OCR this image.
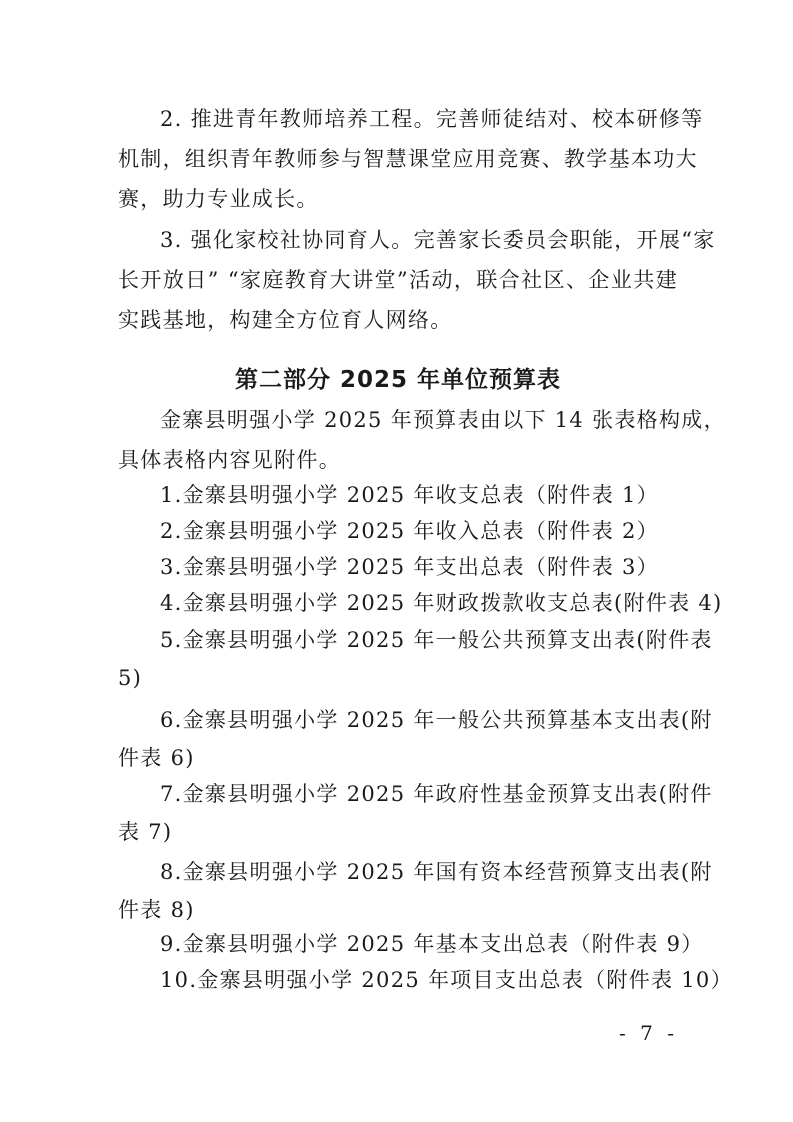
2. 推进青年教师培养工程。完善师徒结对、校本研修等
机制，组织青年教师参与智慧课堂应用竞赛、教学基本功大
赛，助力专业成长。
3. 强化家校社协同育人。完善家长委员会职能，开展“家
长开放日” “家庭教育大讲堂”活动，联合社区、企业共建
实践基地，构建全方位育人网络。
第二部分 2025 年单位预算表
金寨县明强小学 2025 年预算表由以下 14 张表格构成，
具体表格内容见附件。
1.金寨县明强小学 2025 年收支总表（附件表 1）
2.金寨县明强小学 2025 年收入总表（附件表 2）
3.金寨县明强小学 2025 年支出总表（附件表 3）
4.金寨县明强小学 2025 年财政拨款收支总表(附件表 4)
5.金寨县明强小学 2025 年一般公共预算支出表(附件表
5)
6.金寨县明强小学 2025 年一般公共预算基本支出表(附
件表 6)
7.金寨县明强小学 2025 年政府性基金预算支出表(附件
表 7)
8.金寨县明强小学 2025 年国有资本经营预算支出表(附
件表 8)
9.金寨县明强小学 2025 年基本支出总表（附件表 9）
10.金寨县明强小学 2025 年项目支出总表（附件表 10）
- 7 -
